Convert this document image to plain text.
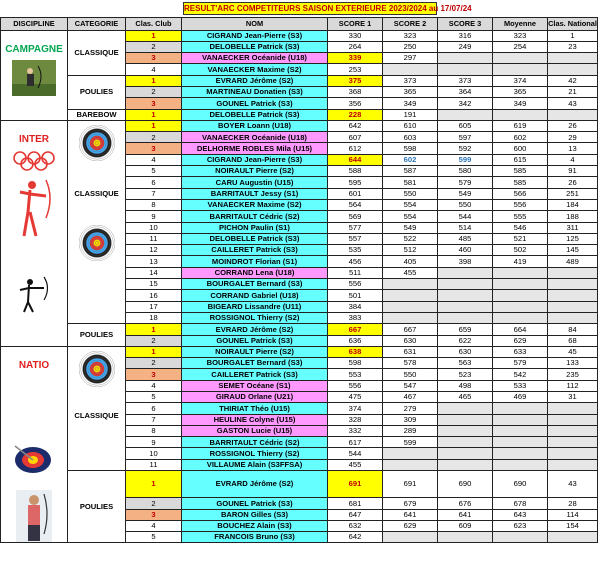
RESULT'ARC COMPETITEURS SAISON EXTERIEURE 2023/2024 au 17/07/24
DISCIPLINE	CATEGORIE	Clas. Club	NOM	SCORE 1	SCORE 2	SCORE 3	Moyenne	Clas. National

CAMPAGNE	CLASSIQUE	1	CIGRAND Jean-Pierre (S3)	330	323	316	323	1
		2	DELOBELLE Patrick (S3)	264	250	249	254	23
		3	VANAECKER Océanide (U18)	339	297			
		4	VANAECKER Maxime (S2)	253				
	POULIES	1	EVRARD Jérôme (S2)	375	373	373	374	42
		2	MARTINEAU Donatien (S3)	368	365	364	365	21
		3	GOUNEL Patrick (S3)	356	349	342	349	43
	BAREBOW	1	DELOBELLE Patrick (S3)	228	191			

INTER	CLASSIQUE	1	BOYER Loann (U18)	642	610	605	619	26
		2	VANAECKER Océanide (U18)	607	603	597	602	29
		3	DELHORME ROBLES Mila (U15)	612	598	592	600	13
		4	CIGRAND Jean-Pierre (S3)	644	602	599	615	4
		5	NOIRAULT Pierre (S2)	588	587	580	585	91
		6	CARU Augustin (U15)	595	581	579	585	26
		7	BARRITAULT Jessy (S1)	601	550	549	566	251
		8	VANAECKER Maxime (S2)	564	554	550	556	184
		9	BARRITAULT Cédric (S2)	569	554	544	555	188
		10	PICHON Paulin (S1)	577	549	514	546	311
		11	DELOBELLE Patrick (S3)	557	522	485	521	125
		12	CAILLERET Patrick (S3)	535	512	460	502	145
		13	MOINDROT Florian (S1)	456	405	398	419	489
		14	CORRAND Lena (U18)	511	455			
		15	BOURGALET Bernard (S3)	556				
		16	CORRAND Gabriel (U18)	501				
		17	BIGEARD Lissandre (U11)	384				
		18	ROSSIGNOL Thierry (S2)	383				
	POULIES	1	EVRARD Jérôme (S2)	667	667	659	664	84
		2	GOUNEL Patrick (S3)	636	630	622	629	68

NATIO	CLASSIQUE	1	NOIRAULT Pierre (S2)	638	631	630	633	45
		2	BOURGALET Bernard (S3)	598	578	563	579	133
		3	CAILLERET Patrick (S3)	553	550	523	542	235
		4	SEMET Océane (S1)	556	547	498	533	112
		5	GIRAUD Orlane (U21)	475	467	465	469	31
		6	THIRIAT Théo (U15)	374	279			
		7	HEULINE Colyne (U15)	328	309			
		8	GASTON Lucie (U15)	332	289			
		9	BARRITAULT Cédric (S2)	617	599			
		10	ROSSIGNOL Thierry (S2)	544				
		11	VILLAUME Alain (S3FFSA)	455				
	POULIES	1	EVRARD Jérôme (S2)	691	691	690	690	43
		2	GOUNEL Patrick (S3)	681	679	676	678	28
		3	BARON Gilles (S3)	647	641	641	643	114
		4	BOUCHEZ Alain (S3)	632	629	609	623	154
		5	FRANCOIS Bruno (S3)	642				
